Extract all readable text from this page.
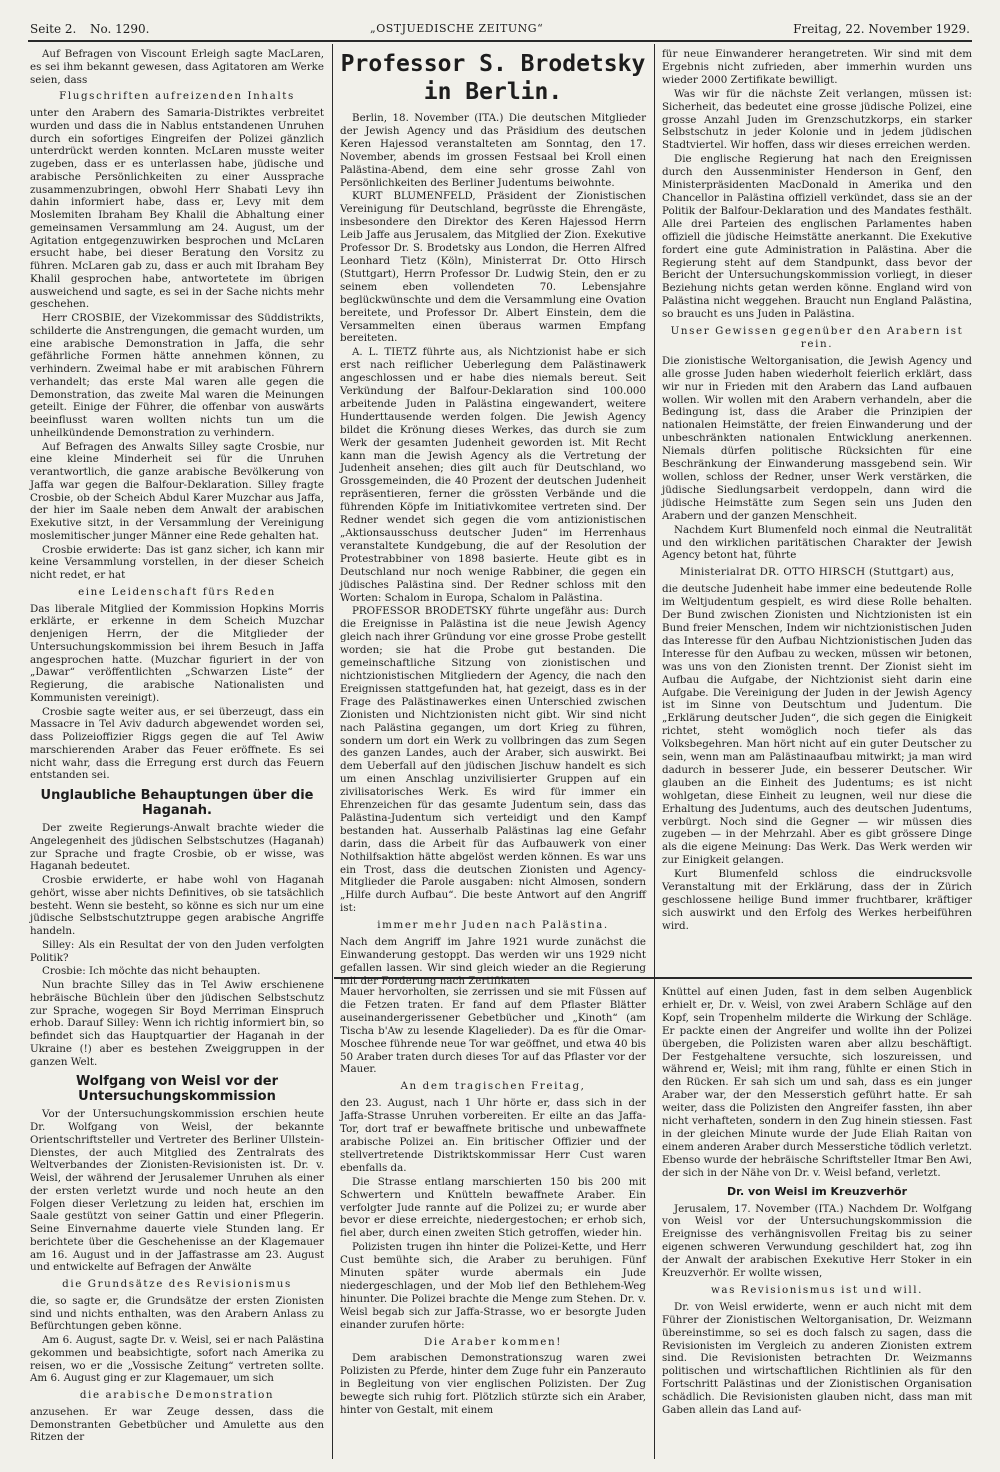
Seite 2. No. 1290.	„OSTJUEDISCHE ZEITUNG“	Freitag, 22. November 1929.

Auf Befragen von Viscount Erleigh sagte MacLaren, es sei ihm bekannt gewesen, dass Agitatoren am Werke seien, dass

Flugschriften aufreizenden Inhalts

unter den Arabern des Samaria-Distriktes verbreitet wurden und dass die in Nablus entstandenen Unruhen durch ein sofortiges Eingreifen der Polizei gänzlich unterdrückt werden konnten. McLaren musste weiter zugeben, dass er es unterlassen habe, jüdische und arabische Persönlichkeiten zu einer Aussprache zusammenzubringen, obwohl Herr Shabati Levy ihn dahin informiert habe, dass er, Levy mit dem Moslemiten Ibraham Bey Khalil die Abhaltung einer gemeinsamen Versammlung am 24. August, um der Agitation entgegenzuwirken besprochen und McLaren ersucht habe, bei dieser Beratung den Vorsitz zu führen. McLaren gab zu, dass er auch mit Ibraham Bey Khalil gesprochen habe, antwortetete im übrigen ausweichend und sagte, es sei in der Sache nichts mehr geschehen.

Herr CROSBIE, der Vizekommissar des Süddistrikts, schilderte die Anstrengungen, die gemacht wurden, um eine arabische Demonstration in Jaffa, die sehr gefährliche Formen hätte annehmen können, zu verhindern. Zweimal habe er mit arabischen Führern verhandelt; das erste Mal waren alle gegen die Demonstration, das zweite Mal waren die Meinungen geteilt. Einige der Führer, die offenbar von auswärts beeinflusst waren wollten nichts tun um die unheilkündende Demonstration zu verhindern.

Auf Befragen des Anwalts Silley sagte Crosbie, nur eine kleine Minderheit sei für die Unruhen verantwortlich, die ganze arabische Bevölkerung von Jaffa war gegen die Balfour-Deklaration. Silley fragte Crosbie, ob der Scheich Abdul Karer Muzchar aus Jaffa, der hier im Saale neben dem Anwalt der arabischen Exekutive sitzt, in der Versammlung der Vereinigung moslemitischer junger Männer eine Rede gehalten hat.

Crosbie erwiderte: Das ist ganz sicher, ich kann mir keine Versammlung vorstellen, in der dieser Scheich nicht redet, er hat

eine Leidenschaft fürs Reden

Das liberale Mitglied der Kommission Hopkins Morris erklärte, er erkenne in dem Scheich Muzchar denjenigen Herrn, der die Mitglieder der Untersuchungskommission bei ihrem Besuch in Jaffa angesprochen hatte. (Muzchar figuriert in der von „Dawar“ veröffentlichten „Schwarzen Liste“ der Regierung, die arabische Nationalisten und Kommunisten vereinigt).

Crosbie sagte weiter aus, er sei überzeugt, dass ein Massacre in Tel Aviv dadurch abgewendet worden sei, dass Polizeioffizier Riggs gegen die auf Tel Awiw marschierenden Araber das Feuer eröffnete. Es sei nicht wahr, dass die Erregung erst durch das Feuern entstanden sei.

Unglaubliche Behauptungen über die Haganah.

Der zweite Regierungs-Anwalt brachte wieder die Angelegenheit des jüdischen Selbstschutzes (Haganah) zur Sprache und fragte Crosbie, ob er wisse, was Haganah bedeutet.

Crosbie erwiderte, er habe wohl von Haganah gehört, wisse aber nichts Definitives, ob sie tatsächlich besteht. Wenn sie besteht, so könne es sich nur um eine jüdische Selbstschutztruppe gegen arabische Angriffe handeln.

Silley: Als ein Resultat der von den Juden verfolgten Politik?

Crosbie: Ich möchte das nicht behaupten.

Nun brachte Silley das in Tel Awiw erschienene hebräische Büchlein über den jüdischen Selbstschutz zur Sprache, wogegen Sir Boyd Merriman Einspruch erhob. Darauf Silley: Wenn ich richtig informiert bin, so befindet sich das Hauptquartier der Haganah in der Ukraine (!) aber es bestehen Zweiggruppen in der ganzen Welt.

Wolfgang von Weisl vor der Untersuchungskommission

Vor der Untersuchungskommission erschien heute Dr. Wolfgang von Weisl, der bekannte Orientschriftsteller und Vertreter des Berliner Ullstein-Dienstes, der auch Mitglied des Zentralrats des Weltverbandes der Zionisten-Revisionisten ist. Dr. v. Weisl, der während der Jerusalemer Unruhen als einer der ersten verletzt wurde und noch heute an den Folgen dieser Verletzung zu leiden hat, erschien im Saale gestützt von seiner Gattin und einer Pflegerin. Seine Einvernahme dauerte viele Stunden lang. Er berichtete über die Geschehenisse an der Klagemauer am 16. August und in der Jaffastrasse am 23. August und entwickelte auf Befragen der Anwälte

die Grundsätze des Revisionismus

die, so sagte er, die Grundsätze der ersten Zionisten sind und nichts enthalten, was den Arabern Anlass zu Befürchtungen geben könne.

Am 6. August, sagte Dr. v. Weisl, sei er nach Palästina gekommen und beabsichtigte, sofort nach Amerika zu reisen, wo er die „Vossische Zeitung“ vertreten sollte. Am 6. August ging er zur Klagemauer, um sich

die arabische Demonstration

anzusehen. Er war Zeuge dessen, dass die Demonstranten Gebetbücher und Amulette aus den Ritzen der

Professor S. Brodetsky in Berlin.

Berlin, 18. November (ITA.) Die deutschen Mitglieder der Jewish Agency und das Präsidium des deutschen Keren Hajessod veranstalteten am Sonntag, den 17. November, abends im grossen Festsaal bei Kroll einen Palästina-Abend, dem eine sehr grosse Zahl von Persönlichkeiten des Berliner Judentums beiwohnte.

KURT BLUMENFELD, Präsident der Zionistischen Vereinigung für Deutschland, begrüsste die Ehrengäste, insbesondere den Direktor des Keren Hajessod Herrn Leib Jaffe aus Jerusalem, das Mitglied der Zion. Exekutive Professor Dr. S. Brodetsky aus London, die Herren Alfred Leonhard Tietz (Köln), Ministerrat Dr. Otto Hirsch (Stuttgart), Herrn Professor Dr. Ludwig Stein, den er zu seinem eben vollendeten 70. Lebensjahre beglückwünschte und dem die Versammlung eine Ovation bereitete, und Professor Dr. Albert Einstein, dem die Versammelten einen überaus warmen Empfang bereiteten.

A. L. TIETZ führte aus, als Nichtzionist habe er sich erst nach reiflicher Ueberlegung dem Palästinawerk angeschlossen und er habe dies niemals bereut. Seit Verkündung der Balfour-Deklaration sind 100.000 arbeitende Juden in Palästina eingewandert, weitere Hunderttausende werden folgen. Die Jewish Agency bildet die Krönung dieses Werkes, das durch sie zum Werk der gesamten Judenheit geworden ist. Mit Recht kann man die Jewish Agency als die Vertretung der Judenheit ansehen; dies gilt auch für Deutschland, wo Grossgemeinden, die 40 Prozent der deutschen Judenheit repräsentieren, ferner die grössten Verbände und die führenden Köpfe im Initiativkomitee vertreten sind. Der Redner wendet sich gegen die vom antizionistischen „Aktionsausschuss deutscher Juden“ im Herrenhaus veranstaltete Kundgebung, die auf der Resolution der Protestrabbiner von 1898 basierte. Heute gibt es in Deutschland nur noch wenige Rabbiner, die gegen ein jüdisches Palästina sind. Der Redner schloss mit den Worten: Schalom in Europa, Schalom in Palästina.

PROFESSOR BRODETSKY führte ungefähr aus: Durch die Ereignisse in Palästina ist die neue Jewish Agency gleich nach ihrer Gründung vor eine grosse Probe gestellt worden; sie hat die Probe gut bestanden. Die gemeinschaftliche Sitzung von zionistischen und nichtzionistischen Mitgliedern der Agency, die nach den Ereignissen stattgefunden hat, hat gezeigt, dass es in der Frage des Palästinawerkes einen Unterschied zwischen Zionisten und Nichtzionisten nicht gibt. Wir sind nicht nach Palästina gegangen, um dort Krieg zu führen, sondern um dort ein Werk zu vollbringen das zum Segen des ganzen Landes, auch der Araber, sich auswirkt. Bei dem Ueberfall auf den jüdischen Jischuw handelt es sich um einen Anschlag unzivilisierter Gruppen auf ein zivilisatorisches Werk. Es wird für immer ein Ehrenzeichen für das gesamte Judentum sein, dass das Palästina-Judentum sich verteidigt und den Kampf bestanden hat. Ausserhalb Palästinas lag eine Gefahr darin, dass die Arbeit für das Aufbauwerk von einer Nothilfsaktion hätte abgelöst werden können. Es war uns ein Trost, dass die deutschen Zionisten und Agency-Mitglieder die Parole ausgaben: nicht Almosen, sondern „Hilfe durch Aufbau“. Die beste Antwort auf den Angriff ist:

immer mehr Juden nach Palästina.

Nach dem Angriff im Jahre 1921 wurde zunächst die Einwanderung gestoppt. Das werden wir uns 1929 nicht gefallen lassen. Wir sind gleich wieder an die Regierung mit der Forderung nach Zertifikaten

für neue Einwanderer herangetreten. Wir sind mit dem Ergebnis nicht zufrieden, aber immerhin wurden uns wieder 2000 Zertifikate bewilligt.

Was wir für die nächste Zeit verlangen, müssen ist: Sicherheit, das bedeutet eine grosse jüdische Polizei, eine grosse Anzahl Juden im Grenzschutzkorps, ein starker Selbstschutz in jeder Kolonie und in jedem jüdischen Stadtviertel. Wir hoffen, dass wir dieses erreichen werden.

Die englische Regierung hat nach den Ereignissen durch den Aussenminister Henderson in Genf, den Ministerpräsidenten MacDonald in Amerika und den Chancellor in Palästina offiziell verkündet, dass sie an der Politik der Balfour-Deklaration und des Mandates festhält. Alle drei Parteien des englischen Parlamentes haben offiziell die jüdische Heimstätte anerkannt. Die Exekutive fordert eine gute Administration in Palästina. Aber die Regierung steht auf dem Standpunkt, dass bevor der Bericht der Untersuchungskommission vorliegt, in dieser Beziehung nichts getan werden könne. England wird von Palästina nicht weggehen. Braucht nun England Palästina, so braucht es uns Juden in Palästina.

Unser Gewissen gegenüber den Arabern ist rein.

Die zionistische Weltorganisation, die Jewish Agency und alle grosse Juden haben wiederholt feierlich erklärt, dass wir nur in Frieden mit den Arabern das Land aufbauen wollen. Wir wollen mit den Arabern verhandeln, aber die Bedingung ist, dass die Araber die Prinzipien der nationalen Heimstätte, der freien Einwanderung und der unbeschränkten nationalen Entwicklung anerkennen. Niemals dürfen politische Rücksichten für eine Beschränkung der Einwanderung massgebend sein. Wir wollen, schloss der Redner, unser Werk verstärken, die jüdische Siedlungsarbeit verdoppeln, dann wird die jüdische Heimstätte zum Segen sein uns Juden den Arabern und der ganzen Menschheit.

Nachdem Kurt Blumenfeld noch einmal die Neutralität und den wirklichen paritätischen Charakter der Jewish Agency betont hat, führte

Ministerialrat DR. OTTO HIRSCH (Stuttgart) aus,

die deutsche Judenheit habe immer eine bedeutende Rolle im Weltjudentum gespielt, es wird diese Rolle behalten. Der Bund zwischen Zionisten und Nichtzionisten ist ein Bund freier Menschen, Indem wir nichtzionistischen Juden das Interesse für den Aufbau Nichtzionistischen Juden das Interesse für den Aufbau zu wecken, müssen wir betonen, was uns von den Zionisten trennt. Der Zionist sieht im Aufbau die Aufgabe, der Nichtzionist sieht darin eine Aufgabe. Die Vereinigung der Juden in der Jewish Agency ist im Sinne von Deutschtum und Judentum. Die „Erklärung deutscher Juden“, die sich gegen die Einigkeit richtet, steht womöglich noch tiefer als das Volksbegehren. Man hört nicht auf ein guter Deutscher zu sein, wenn man am Palästinaaufbau mitwirkt; ja man wird dadurch in besserer Jude, ein besserer Deutscher. Wir glauben an die Einheit des Judentums; es ist nicht wohlgetan, diese Einheit zu leugnen, weil nur diese die Erhaltung des Judentums, auch des deutschen Judentums, verbürgt. Noch sind die Gegner — wir müssen dies zugeben — in der Mehrzahl. Aber es gibt grössere Dinge als die eigene Meinung: Das Werk. Das Werk werden wir zur Einigkeit gelangen.

Kurt Blumenfeld schloss die eindrucksvolle Veranstaltung mit der Erklärung, dass der in Zürich geschlossene heilige Bund immer fruchtbarer, kräftiger sich auswirkt und den Erfolg des Werkes herbeiführen wird.

Mauer hervorholten, sie zerrissen und sie mit Füssen auf die Fetzen traten. Er fand auf dem Pflaster Blätter auseinandergerissener Gebetbücher und „Kinoth“ (am Tischa b'Aw zu lesende Klagelieder). Da es für die Omar-Moschee führende neue Tor war geöffnet, und etwa 40 bis 50 Araber traten durch dieses Tor auf das Pflaster vor der Mauer.

An dem tragischen Freitag,

den 23. August, nach 1 Uhr hörte er, dass sich in der Jaffa-Strasse Unruhen vorbereiten. Er eilte an das Jaffa-Tor, dort traf er bewaffnete britische und unbewaffnete arabische Polizei an. Ein britischer Offizier und der stellvertretende Distriktskommissar Herr Cust waren ebenfalls da.

Die Strasse entlang marschierten 150 bis 200 mit Schwertern und Knütteln bewaffnete Araber. Ein verfolgter Jude rannte auf die Polizei zu; er wurde aber bevor er diese erreichte, niedergestochen; er erhob sich, fiel aber, durch einen zweiten Stich getroffen, wieder hin.

Polizisten trugen ihn hinter die Polizei-Kette, und Herr Cust bemühte sich, die Araber zu beruhigen. Fünf Minuten später wurde abermals ein Jude niedergeschlagen, und der Mob lief den Bethlehem-Weg hinunter. Die Polizei brachte die Menge zum Stehen. Dr. v. Weisl begab sich zur Jaffa-Strasse, wo er besorgte Juden einander zurufen hörte:

Die Araber kommen!

Dem arabischen Demonstrationszug waren zwei Polizisten zu Pferde, hinter dem Zuge fuhr ein Panzerauto in Begleitung von vier englischen Polizisten. Der Zug bewegte sich ruhig fort. Plötzlich stürzte sich ein Araber, hinter von Gestalt, mit einem

Knüttel auf einen Juden, fast in dem selben Augenblick erhielt er, Dr. v. Weisl, von zwei Arabern Schläge auf den Kopf, sein Tropenhelm milderte die Wirkung der Schläge. Er packte einen der Angreifer und wollte ihn der Polizei übergeben, die Polizisten waren aber allzu beschäftigt. Der Festgehaltene versuchte, sich loszureissen, und während er, Weisl; mit ihm rang, fühlte er einen Stich in den Rücken. Er sah sich um und sah, dass es ein junger Araber war, der den Messerstich geführt hatte. Er sah weiter, dass die Polizisten den Angreifer fassten, ihn aber nicht verhafteten, sondern in den Zug hinein stiessen. Fast in der gleichen Minute wurde der Jude Eliah Raitan von einem anderen Araber durch Messerstiche tödlich verletzt. Ebenso wurde der hebräische Schriftsteller Itmar Ben Awi, der sich in der Nähe von Dr. v. Weisl befand, verletzt.

Dr. von Weisl im Kreuzverhör

Jerusalem, 17. November (ITA.) Nachdem Dr. Wolfgang von Weisl vor der Untersuchungskommission die Ereignisse des verhängnisvollen Freitag bis zu seiner eigenen schweren Verwundung geschildert hat, zog ihn der Anwalt der arabischen Exekutive Herr Stoker in ein Kreuzverhör. Er wollte wissen,

was Revisionismus ist und will.

Dr. von Weisl erwiderte, wenn er auch nicht mit dem Führer der Zionistischen Weltorganisation, Dr. Weizmann übereinstimme, so sei es doch falsch zu sagen, dass die Revisionisten im Vergleich zu anderen Zionisten extrem sind. Die Revisionisten betrachten Dr. Weizmanns politischen und wirtschaftlichen Richtlinien als für den Fortschritt Palästinas und der Zionistischen Organisation schädlich. Die Revisionisten glauben nicht, dass man mit Gaben allein das Land auf-
